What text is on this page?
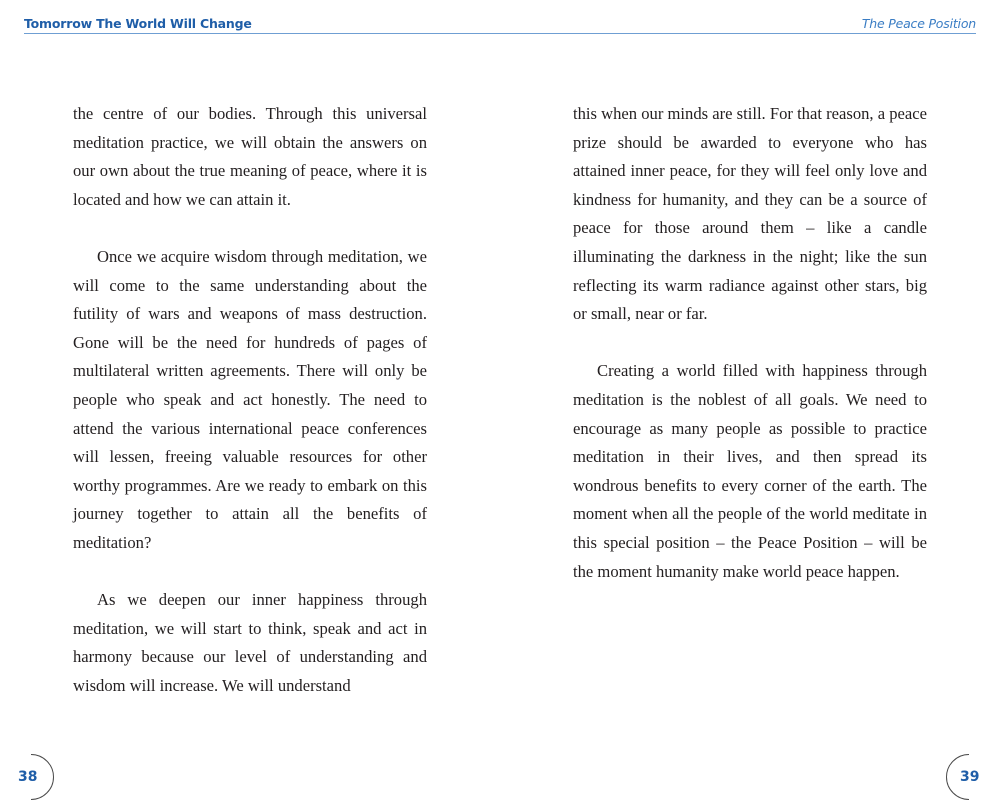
Tomorrow The World Will Change	The Peace Position

the centre of our bodies. Through this universal meditation practice, we will obtain the answers on our own about the true meaning of peace, where it is located and how we can attain it.

Once we acquire wisdom through meditation, we will come to the same understanding about the futility of wars and weapons of mass destruction. Gone will be the need for hundreds of pages of multilateral written agreements. There will only be people who speak and act honestly. The need to attend the various international peace conferences will lessen, freeing valuable resources for other worthy programmes. Are we ready to embark on this journey together to attain all the benefits of meditation?

As we deepen our inner happiness through meditation, we will start to think, speak and act in harmony because our level of understanding and wisdom will increase. We will understand

this when our minds are still. For that reason, a peace prize should be awarded to everyone who has attained inner peace, for they will feel only love and kindness for humanity, and they can be a source of peace for those around them – like a candle illuminating the darkness in the night; like the sun reflecting its warm radiance against other stars, big or small, near or far.

Creating a world filled with happiness through meditation is the noblest of all goals. We need to encourage as many people as possible to practice meditation in their lives, and then spread its wondrous benefits to every corner of the earth. The moment when all the people of the world meditate in this special position – the Peace Position – will be the moment humanity make world peace happen.

38	39
